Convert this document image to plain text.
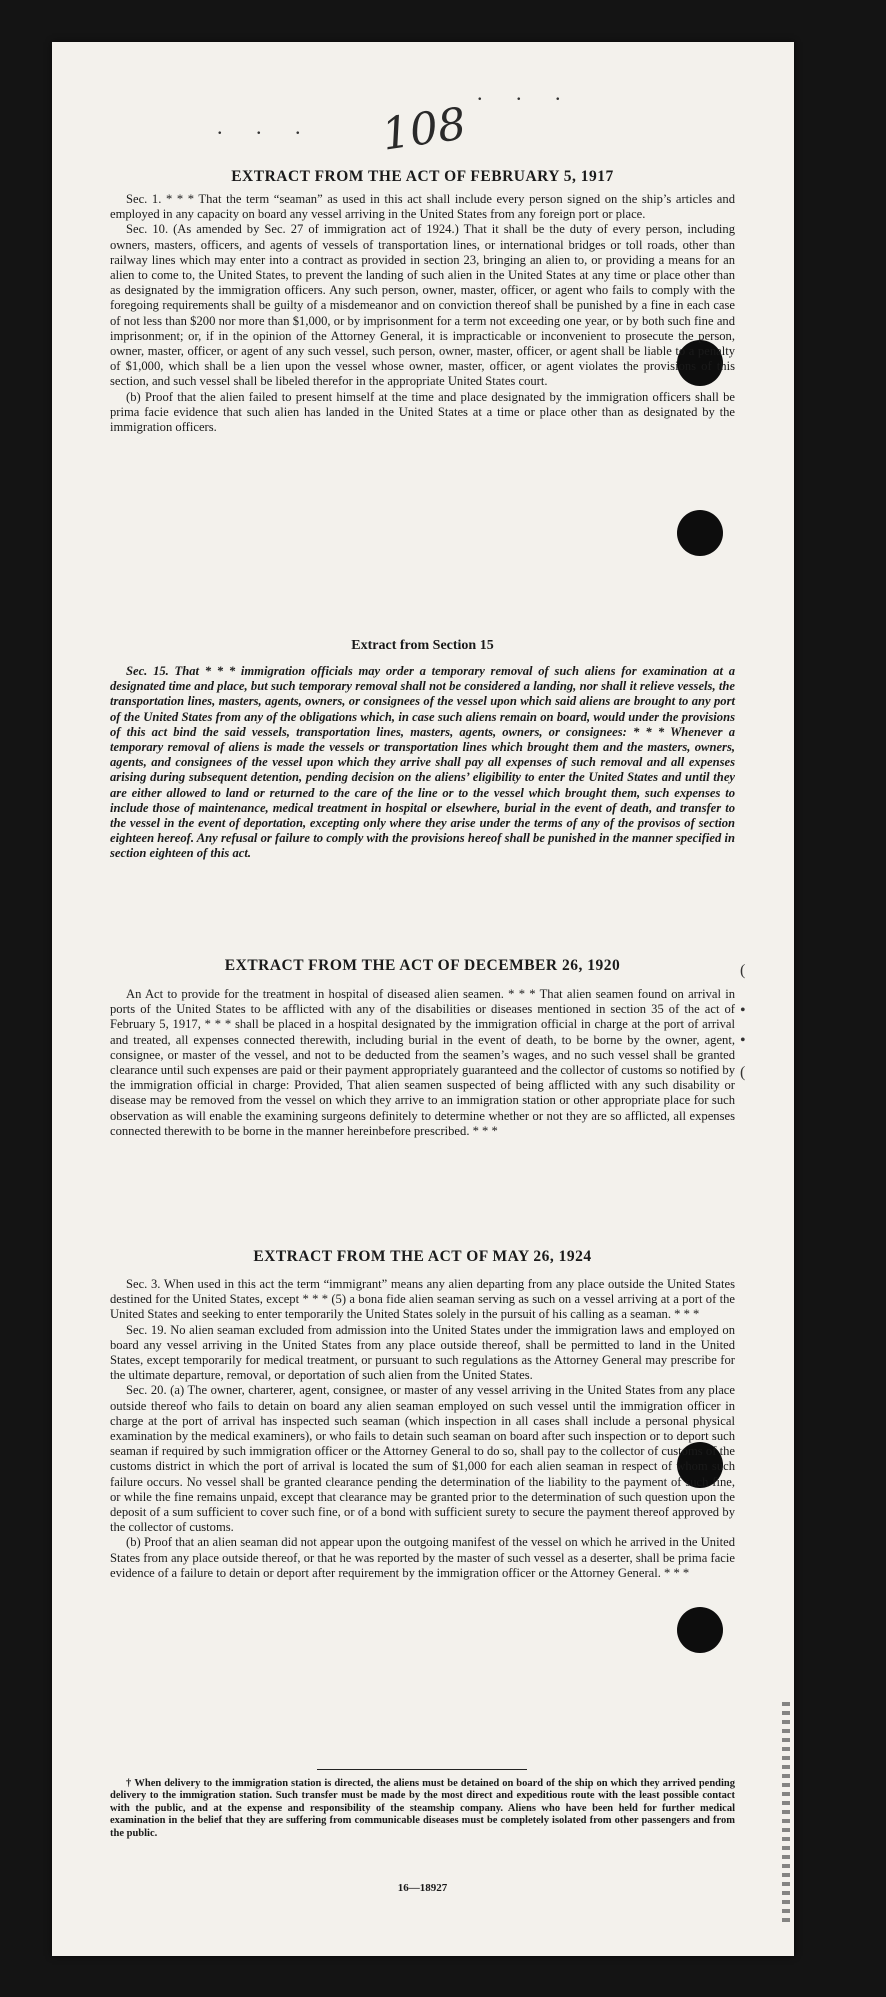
. . .
. . .
108
(
•
•
(
EXTRACT FROM THE ACT OF FEBRUARY 5, 1917

Sec. 1. * * * That the term “seaman” as used in this act shall include every person signed on the ship’s articles and employed in any capacity on board any vessel arriving in the United States from any foreign port or place.

Sec. 10. (As amended by Sec. 27 of immigration act of 1924.) That it shall be the duty of every person, including owners, masters, officers, and agents of vessels of transportation lines, or international bridges or toll roads, other than railway lines which may enter into a contract as provided in section 23, bringing an alien to, or providing a means for an alien to come to, the United States, to prevent the landing of such alien in the United States at any time or place other than as designated by the immigration officers. Any such person, owner, master, officer, or agent who fails to comply with the foregoing requirements shall be guilty of a misdemeanor and on conviction thereof shall be punished by a fine in each case of not less than $200 nor more than $1,000, or by imprisonment for a term not exceeding one year, or by both such fine and imprisonment; or, if in the opinion of the Attorney General, it is impracticable or inconvenient to prosecute the person, owner, master, officer, or agent of any such vessel, such person, owner, master, officer, or agent shall be liable to a penalty of $1,000, which shall be a lien upon the vessel whose owner, master, officer, or agent violates the provisions of this section, and such vessel shall be libeled therefor in the appropriate United States court.

(b) Proof that the alien failed to present himself at the time and place designated by the immigration officers shall be prima facie evidence that such alien has landed in the United States at a time or place other than as designated by the immigration officers.

Extract from Section 15

Sec. 15. That * * * immigration officials may order a temporary removal of such aliens for examination at a designated time and place, but such temporary removal shall not be considered a landing, nor shall it relieve vessels, the transportation lines, masters, agents, owners, or consignees of the vessel upon which said aliens are brought to any port of the United States from any of the obligations which, in case such aliens remain on board, would under the provisions of this act bind the said vessels, transportation lines, masters, agents, owners, or consignees: * * * Whenever a temporary removal of aliens is made the vessels or transportation lines which brought them and the masters, owners, agents, and consignees of the vessel upon which they arrive shall pay all expenses of such removal and all expenses arising during subsequent detention, pending decision on the aliens’ eligibility to enter the United States and until they are either allowed to land or returned to the care of the line or to the vessel which brought them, such expenses to include those of maintenance, medical treatment in hospital or elsewhere, burial in the event of death, and transfer to the vessel in the event of deportation, excepting only where they arise under the terms of any of the provisos of section eighteen hereof. Any refusal or failure to comply with the provisions hereof shall be punished in the manner specified in section eighteen of this act.

EXTRACT FROM THE ACT OF DECEMBER 26, 1920

An Act to provide for the treatment in hospital of diseased alien seamen. * * * That alien seamen found on arrival in ports of the United States to be afflicted with any of the disabilities or diseases mentioned in section 35 of the act of February 5, 1917, * * * shall be placed in a hospital designated by the immigration official in charge at the port of arrival and treated, all expenses connected therewith, including burial in the event of death, to be borne by the owner, agent, consignee, or master of the vessel, and not to be deducted from the seamen’s wages, and no such vessel shall be granted clearance until such expenses are paid or their payment appropriately guaranteed and the collector of customs so notified by the immigration official in charge: Provided, That alien seamen suspected of being afflicted with any such disability or disease may be removed from the vessel on which they arrive to an immigration station or other appropriate place for such observation as will enable the examining surgeons definitely to determine whether or not they are so afflicted, all expenses connected therewith to be borne in the manner hereinbefore prescribed. * * *

EXTRACT FROM THE ACT OF MAY 26, 1924

Sec. 3. When used in this act the term “immigrant” means any alien departing from any place outside the United States destined for the United States, except * * * (5) a bona fide alien seaman serving as such on a vessel arriving at a port of the United States and seeking to enter temporarily the United States solely in the pursuit of his calling as a seaman. * * *

Sec. 19. No alien seaman excluded from admission into the United States under the immigration laws and employed on board any vessel arriving in the United States from any place outside thereof, shall be permitted to land in the United States, except temporarily for medical treatment, or pursuant to such regulations as the Attorney General may prescribe for the ultimate departure, removal, or deportation of such alien from the United States.

Sec. 20. (a) The owner, charterer, agent, consignee, or master of any vessel arriving in the United States from any place outside thereof who fails to detain on board any alien seaman employed on such vessel until the immigration officer in charge at the port of arrival has inspected such seaman (which inspection in all cases shall include a personal physical examination by the medical examiners), or who fails to detain such seaman on board after such inspection or to deport such seaman if required by such immigration officer or the Attorney General to do so, shall pay to the collector of customs of the customs district in which the port of arrival is located the sum of $1,000 for each alien seaman in respect of whom such failure occurs. No vessel shall be granted clearance pending the determination of the liability to the payment of such fine, or while the fine remains unpaid, except that clearance may be granted prior to the determination of such question upon the deposit of a sum sufficient to cover such fine, or of a bond with sufficient surety to secure the payment thereof approved by the collector of customs.

(b) Proof that an alien seaman did not appear upon the outgoing manifest of the vessel on which he arrived in the United States from any place outside thereof, or that he was reported by the master of such vessel as a deserter, shall be prima facie evidence of a failure to detain or deport after requirement by the immigration officer or the Attorney General. * * *

† When delivery to the immigration station is directed, the aliens must be detained on board of the ship on which they arrived pending delivery to the immigration station. Such transfer must be made by the most direct and expeditious route with the least possible contact with the public, and at the expense and responsibility of the steamship company. Aliens who have been held for further medical examination in the belief that they are suffering from communicable diseases must be completely isolated from other passengers and from the public.

16—18927
